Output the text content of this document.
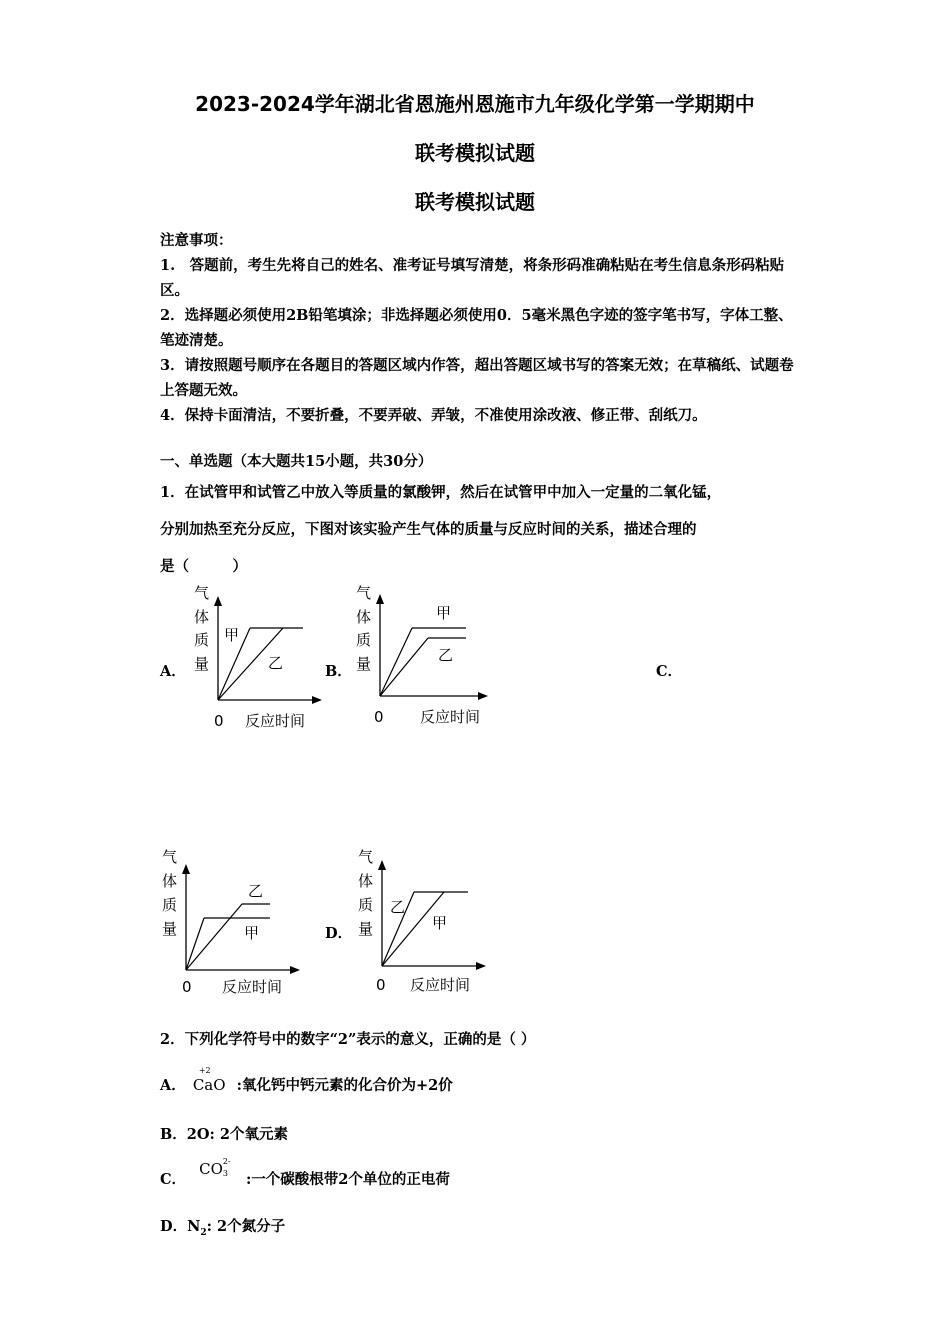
2023-2024学年湖北省恩施州恩施市九年级化学第一学期期中
联考模拟试题
联考模拟试题

注意事项：

1.　答题前，考生先将自己的姓名、准考证号填写清楚，将条形码准确粘贴在考生信息条形码粘贴区。

2．选择题必须使用2B铅笔填涂；非选择题必须使用0．5毫米黑色字迹的签字笔书写，字体工整、笔迹清楚。

3．请按照题号顺序在各题目的答题区域内作答，超出答题区域书写的答案无效；在草稿纸、试题卷上答题无效。

4．保持卡面清洁，不要折叠，不要弄破、弄皱，不准使用涂改液、修正带、刮纸刀。

一、单选题（本大题共15小题，共30分）

1．在试管甲和试管乙中放入等质量的氯酸钾，然后在试管甲中加入一定量的二氧化锰，

分别加热至充分反应，下图对该实验产生气体的质量与反应时间的关系，描述合理的

是（　　　）

A．	B．	C．
D．
气
体
质
量
甲
乙
0 反应时间
气
体
质
量
甲
乙
0 反应时间
气
体
质
量
乙
甲
0 反应时间
气
体
质
量
乙
甲
0 反应时间
2．下列化学符号中的数字“2”表示的意义，正确的是（ ）
A．
+2
CaO :氧化钙中钙元素的化合价为+2价
B．2O: 2个氧元素
C． CO 2-
3 :一个碳酸根带2个单位的正电荷
D．$N_2$: 2个氮分子
